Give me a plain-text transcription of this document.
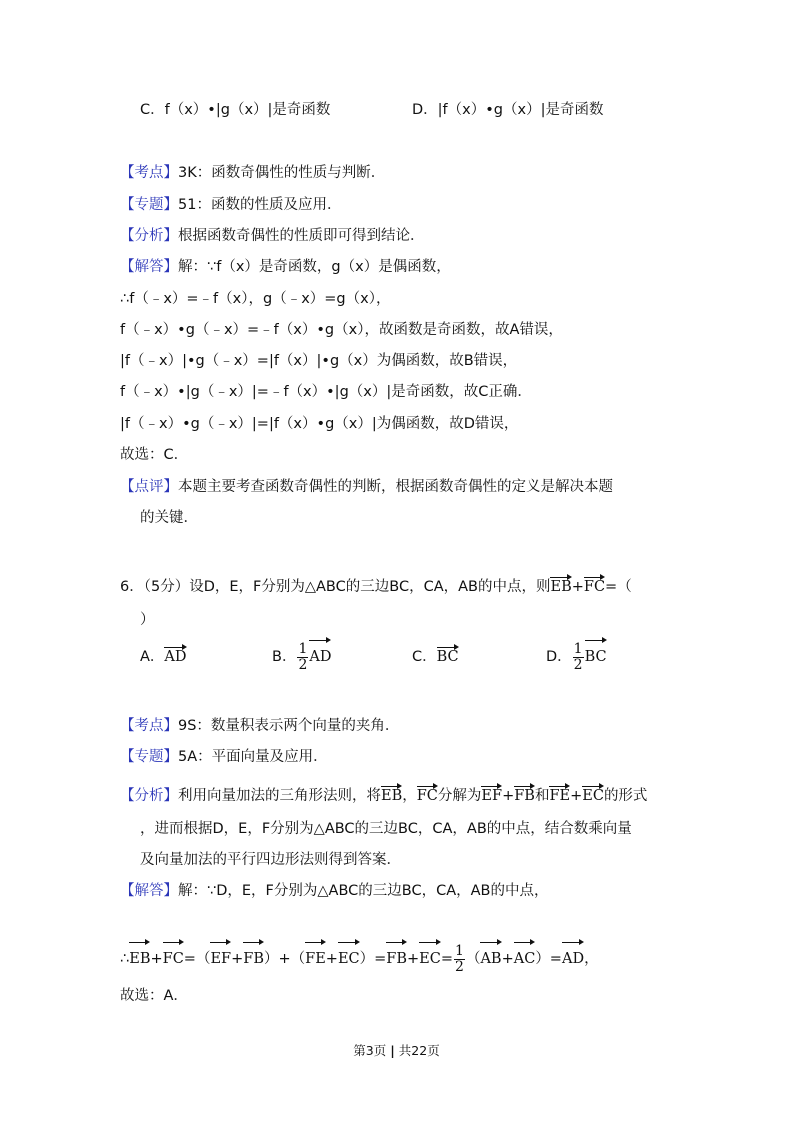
C．f（x）•|g（x）|是奇函数	D．|f（x）•g（x）|是奇函数
【考点】3K：函数奇偶性的性质与判断．
【专题】51：函数的性质及应用．
【分析】根据函数奇偶性的性质即可得到结论．
【解答】解：∵f（x）是奇函数，g（x）是偶函数，
∴f（﹣x）=﹣f（x），g（﹣x）=g（x），
f（﹣x）•g（﹣x）=﹣f（x）•g（x），故函数是奇函数，故A错误，
|f（﹣x）|•g（﹣x）=|f（x）|•g（x）为偶函数，故B错误，
f（﹣x）•|g（﹣x）|=﹣f（x）•|g（x）|是奇函数，故C正确．
|f（﹣x）•g（﹣x）|=|f（x）•g（x）|为偶函数，故D错误，
故选：C．
【点评】本题主要考查函数奇偶性的判断，根据函数奇偶性的定义是解决本题
的关键．
6．（5分）设D，E，F分别为△ABC的三边BC，CA，AB的中点，则EB+FC=（
）
A．AD	B． $\frac{1}{2}$ AD	C．BC	D． $\frac{1}{2}$ BC
【考点】9S：数量积表示两个向量的夹角．
【专题】5A：平面向量及应用．
【分析】利用向量加法的三角形法则，将EB，FC分解为EF+FB和FE+EC的形式
，进而根据D，E，F分别为△ABC的三边BC，CA，AB的中点，结合数乘向量
及向量加法的平行四边形法则得到答案．
【解答】解：∵D，E，F分别为△ABC的三边BC，CA，AB的中点，
∴EB+FC=（EF+FB）+（FE+EC）=FB+EC= $\frac{1}{2} (AB+AC)=AD$，
故选：A．
第3页 | 共22页
